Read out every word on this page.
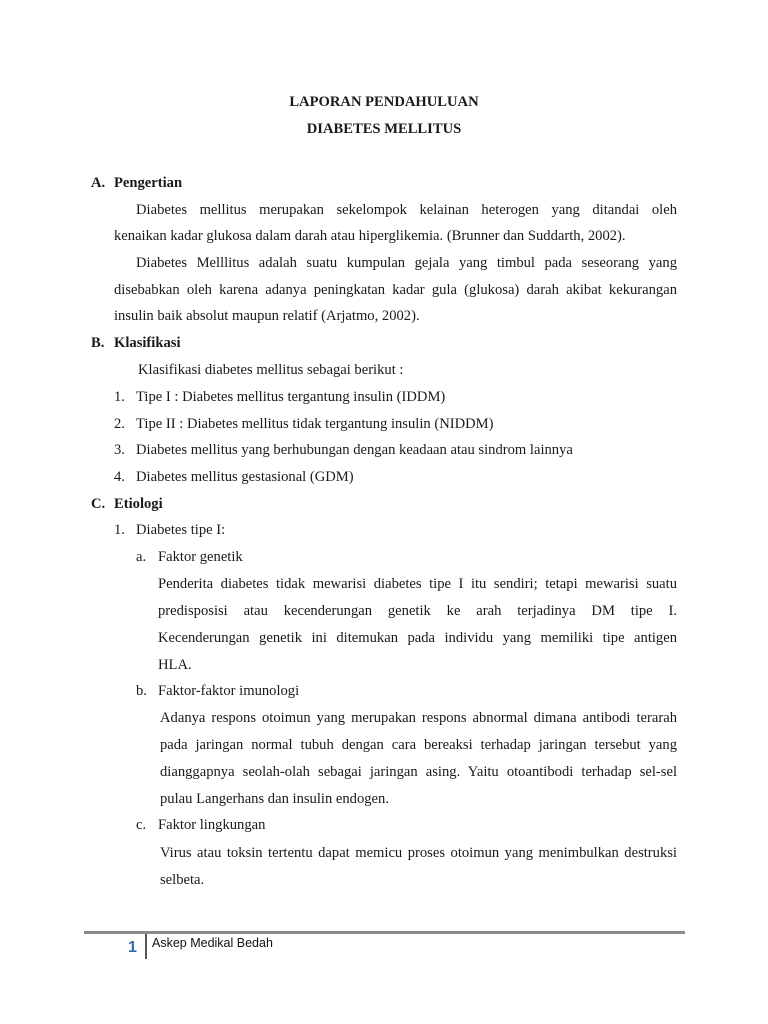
LAPORAN PENDAHULUAN
DIABETES MELLITUS
A. Pengertian
Diabetes mellitus merupakan sekelompok kelainan heterogen yang ditandai oleh
kenaikan kadar glukosa dalam darah atau hiperglikemia. (Brunner dan Suddarth, 2002).
Diabetes Melllitus adalah suatu kumpulan gejala yang timbul pada seseorang yang
disebabkan oleh karena adanya peningkatan kadar gula (glukosa) darah akibat kekurangan
insulin baik absolut maupun relatif (Arjatmo, 2002).
B. Klasifikasi
Klasifikasi diabetes mellitus sebagai berikut :
1. Tipe I : Diabetes mellitus tergantung insulin (IDDM)
2. Tipe II : Diabetes mellitus tidak tergantung insulin (NIDDM)
3. Diabetes mellitus yang berhubungan dengan keadaan atau sindrom lainnya
4. Diabetes mellitus gestasional (GDM)
C. Etiologi
1. Diabetes tipe I:
a. Faktor genetik
Penderita diabetes tidak mewarisi diabetes tipe I itu sendiri; tetapi mewarisi suatu
predisposisi atau kecenderungan genetik ke arah terjadinya DM tipe I.
Kecenderungan genetik ini ditemukan pada individu yang memiliki tipe antigen
HLA.
b. Faktor-faktor imunologi
Adanya respons otoimun yang merupakan respons abnormal dimana antibodi terarah
pada jaringan normal tubuh dengan cara bereaksi terhadap jaringan tersebut yang
dianggapnya seolah-olah sebagai jaringan asing. Yaitu otoantibodi terhadap sel-sel
pulau Langerhans dan insulin endogen.
c. Faktor lingkungan
Virus atau toksin tertentu dapat memicu proses otoimun yang menimbulkan destruksi
selbeta.
1 Askep Medikal Bedah
